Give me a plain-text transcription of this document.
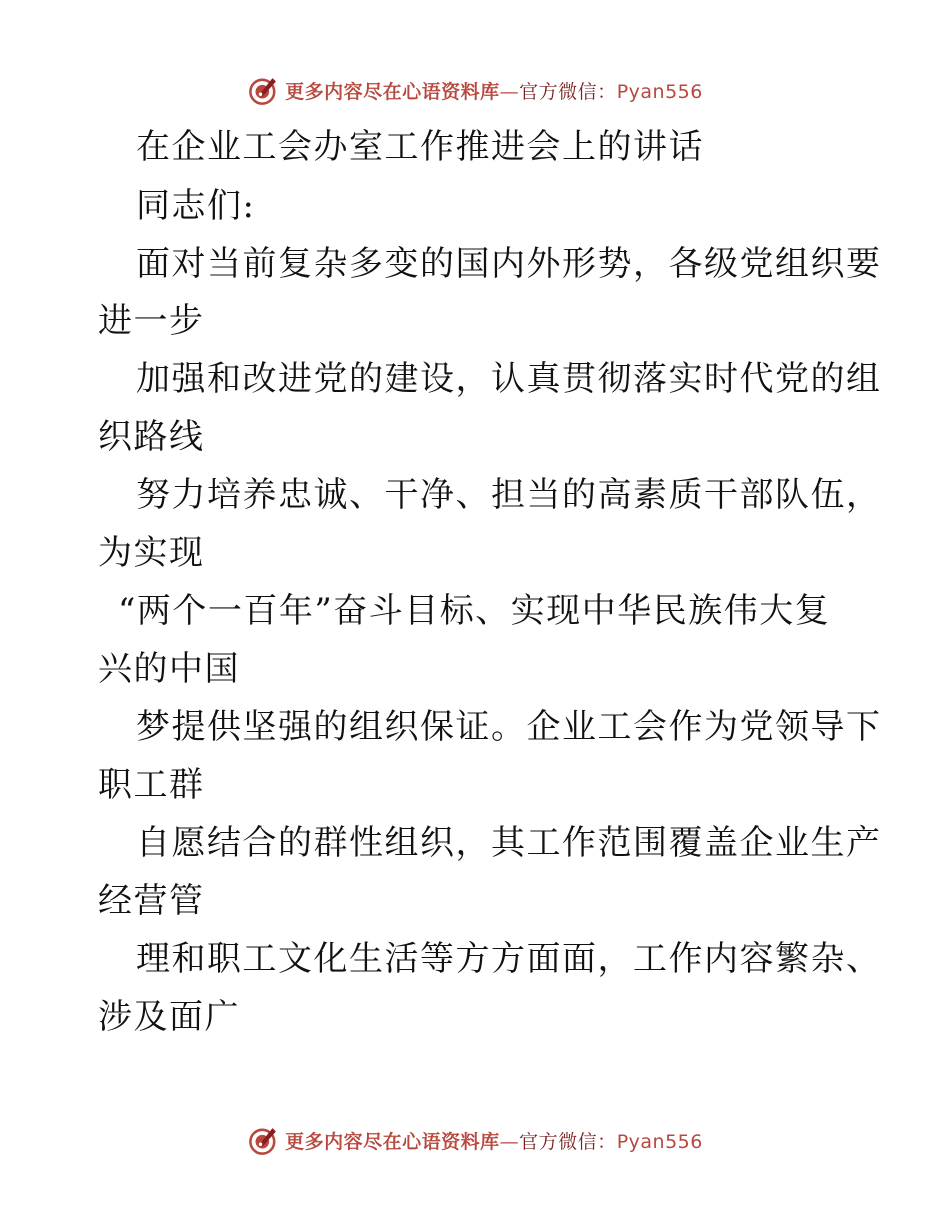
更多内容尽在心语资料库—官方微信：Pyan556
在企业工会办室工作推进会上的讲话
同志们:
面对当前复杂多变的国内外形势，各级党组织要
进一步
加强和改进党的建设，认真贯彻落实时代党的组
织路线
努力培养忠诚、干净、担当的高素质干部队伍，
为实现
“两个一百年”奋斗目标、实现中华民族伟大复
兴的中国
梦提供坚强的组织保证。企业工会作为党领导下
职工群
自愿结合的群性组织，其工作范围覆盖企业生产
经营管
理和职工文化生活等方方面面，工作内容繁杂、
涉及面广
更多内容尽在心语资料库—官方微信：Pyan556
